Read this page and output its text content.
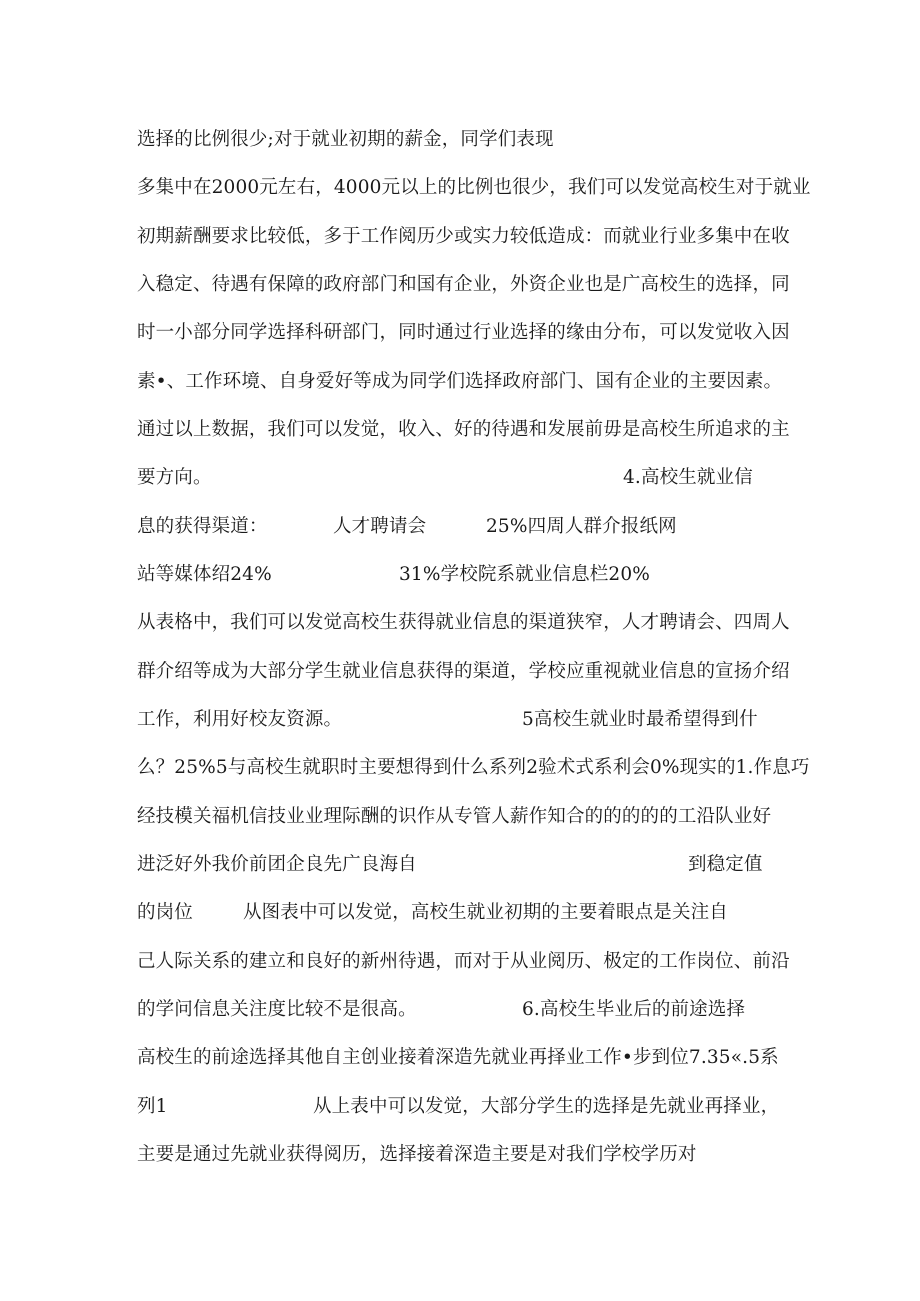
选择的比例很少;对于就业初期的薪金，同学们表现
多集中在2000元左右，4000元以上的比例也很少，我们可以发觉高校生对于就业
初期薪酬要求比较低，多于工作阅历少或实力较低造成：而就业行业多集中在收
入稳定、待遇有保障的政府部门和国有企业，外资企业也是广高校生的选择，同
时一小部分同学选择科研部门，同时通过行业选择的缘由分布，可以发觉收入因
素•、工作环境、自身爱好等成为同学们选择政府部门、国有企业的主要因素。
通过以上数据，我们可以发觉，收入、好的待遇和发展前毋是高校生所追求的主

要方向。

	4.高校生就业信

息的获得渠道：

	人才聘请会

	25%四周人群介报纸网

站等媒体绍24%

	31%学校院系就业信息栏20%

从表格中，我们可以发觉高校生获得就业信息的渠道狭窄，人才聘请会、四周人
群介绍等成为大部分学生就业信息获得的渠道，学校应重视就业信息的宣扬介绍

工作，利用好校友资源。

	5高校生就业时最希望得到什

么？25%5与高校生就职时主要想得到什么系列2验术式系利会0%现实的1.作息巧
经技模关福机信技业业理际酬的识作从专管人薪作知合的的的的的工沿队业好

进泛好外我价前团企良先广良海自

	到稳定值

的岗位

	从图表中可以发觉，高校生就业初期的主要着眼点是关注自

己人际关系的建立和良好的新州待遇，而对于从业阅历、极定的工作岗位、前沿

的学问信息关注度比较不是很高。

	6.高校生毕业后的前途选择

高校生的前途选择其他自主创业接着深造先就业再择业工作•步到位7.35«.5系

列1

	从上表中可以发觉，大部分学生的选择是先就业再择业，

主要是通过先就业获得阅历，选择接着深造主要是对我们学校学历对
